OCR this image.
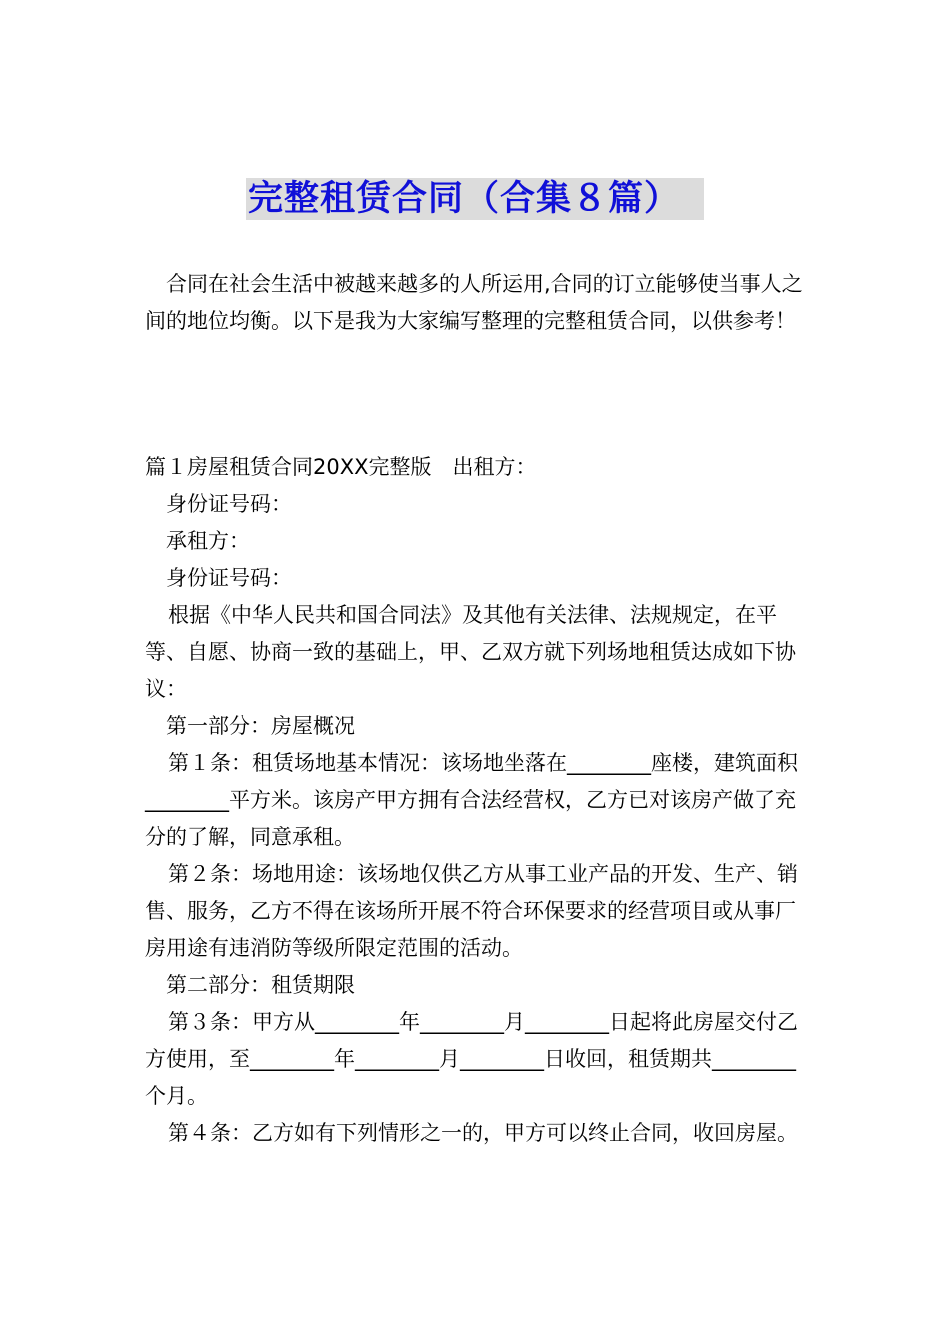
完整租赁合同（合集８篇）

合同在社会生活中被越来越多的人所运用,合同的订立能够使当事人之间的地位均衡。以下是我为大家编写整理的完整租赁合同，以供参考！

篇１房屋租赁合同20XX完整版　出租方：

身份证号码：

承租方：

身份证号码：

根据《中华人民共和国合同法》及其他有关法律、法规规定，在平等、自愿、协商一致的基础上，甲、乙双方就下列场地租赁达成如下协议：

第一部分：房屋概况

第１条：租赁场地基本情况：该场地坐落在________座楼，建筑面积________平方米。该房产甲方拥有合法经营权，乙方已对该房产做了充分的了解，同意承租。

第２条：场地用途：该场地仅供乙方从事工业产品的开发、生产、销售、服务，乙方不得在该场所开展不符合环保要求的经营项目或从事厂房用途有违消防等级所限定范围的活动。

第二部分：租赁期限

第３条：甲方从________年________月________日起将此房屋交付乙方使用，至________年________月________日收回，租赁期共________个月。

第４条：乙方如有下列情形之一的，甲方可以终止合同，收回房屋。
